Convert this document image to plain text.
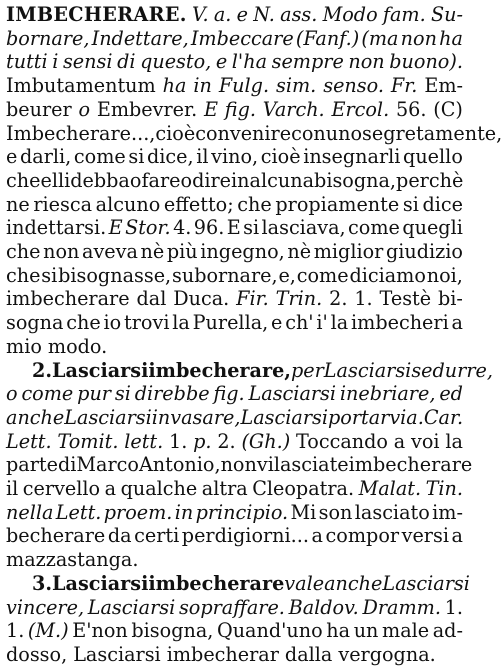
IMBECHERARE. V. a. e N. ass. Modo fam. Su-
bornare, Indettare, Imbeccare (Fanf.) (ma non ha
tutti i sensi di questo, e l'ha sempre non buono).
Imbutamentum ha in Fulg. sim. senso. Fr. Em-
beurer o Embevrer. E fig. Varch. Ercol. 56. (C)
Imbecherare..., cioè convenire con uno segretamente,
e darli, come si dice, il vino, cioè insegnarli quello
che elli debba o fare o dire in alcuna bisogna, perchè
ne riesca alcuno effetto; che propiamente si dice
indettarsi. E Stor. 4. 96. E si lasciava, come quegli
che non aveva nè più ingegno, nè miglior giudizio
che si bisognasse, subornare, e, come diciamo noi,
imbecherare dal Duca. Fir. Trin. 2. 1. Testè bi-
sogna che io trovi la Purella, e ch' i' la imbecheri a
mio modo.
2. Lasciarsi imbecherare, per Lasciarsi sedurre,
o come pur si direbbe fig. Lasciarsi inebriare, ed
anche Lasciarsi invasare, Lasciarsi portar via. Car.
Lett. Tomit. lett. 1. p. 2. (Gh.) Toccando a voi la
parte di Marco Antonio, non vi lasciate imbecherare
il cervello a qualche altra Cleopatra. Malat. Tin.
nella Lett. proem. in principio. Mi son lasciato im-
becherare da certi perdigiorni... a compor versi a
mazzastanga.
3. Lasciarsi imbecherare vale anche Lasciarsi
vincere, Lasciarsi sopraffare. Baldov. Dramm. 1.
1. (M.) E'non bisogna, Quand'uno ha un male ad-
dosso, Lasciarsi imbecherar dalla vergogna.
